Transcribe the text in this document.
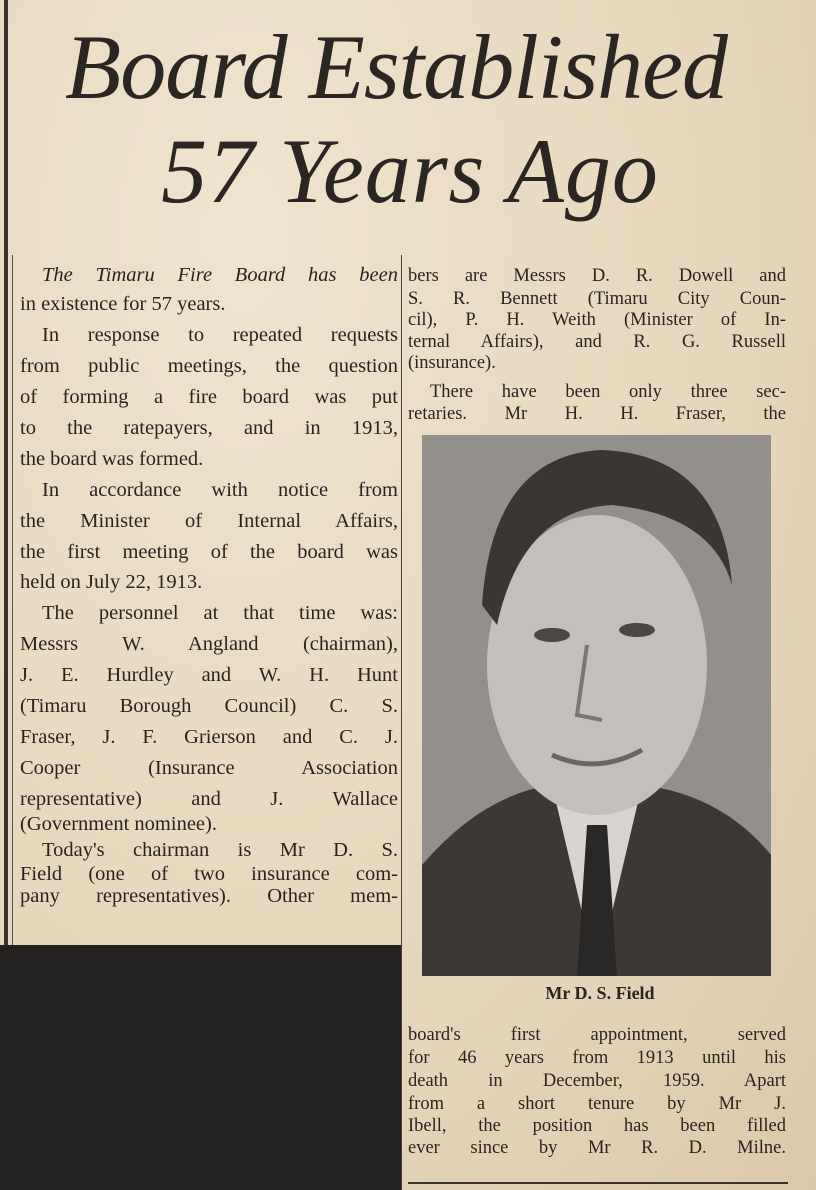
Board Established
57 Years Ago
The Timaru Fire Board has been
in existence for 57 years.
In response to repeated requests
from public meetings, the question
of forming a fire board was put
to the ratepayers, and in 1913,
the board was formed.
In accordance with notice from
the Minister of Internal Affairs,
the first meeting of the board was
held on July 22, 1913.
The personnel at that time was:
Messrs W. Angland (chairman),
J. E. Hurdley and W. H. Hunt
(Timaru Borough Council) C. S.
Fraser, J. F. Grierson and C. J.
Cooper (Insurance Association
representative) and J. Wallace
(Government nominee).
Today's chairman is Mr D. S.
Field (one of two insurance com-
pany representatives). Other mem-
bers are Messrs D. R. Dowell and
S. R. Bennett (Timaru City Coun-
cil), P. H. Weith (Minister of In-
ternal Affairs), and R. G. Russell
(insurance).
There have been only three sec-
retaries. Mr H. H. Fraser, the
Mr D. S. Field
board's first appointment, served
for 46 years from 1913 until his
death in December, 1959. Apart
from a short tenure by Mr J.
Ibell, the position has been filled
ever since by Mr R. D. Milne.
